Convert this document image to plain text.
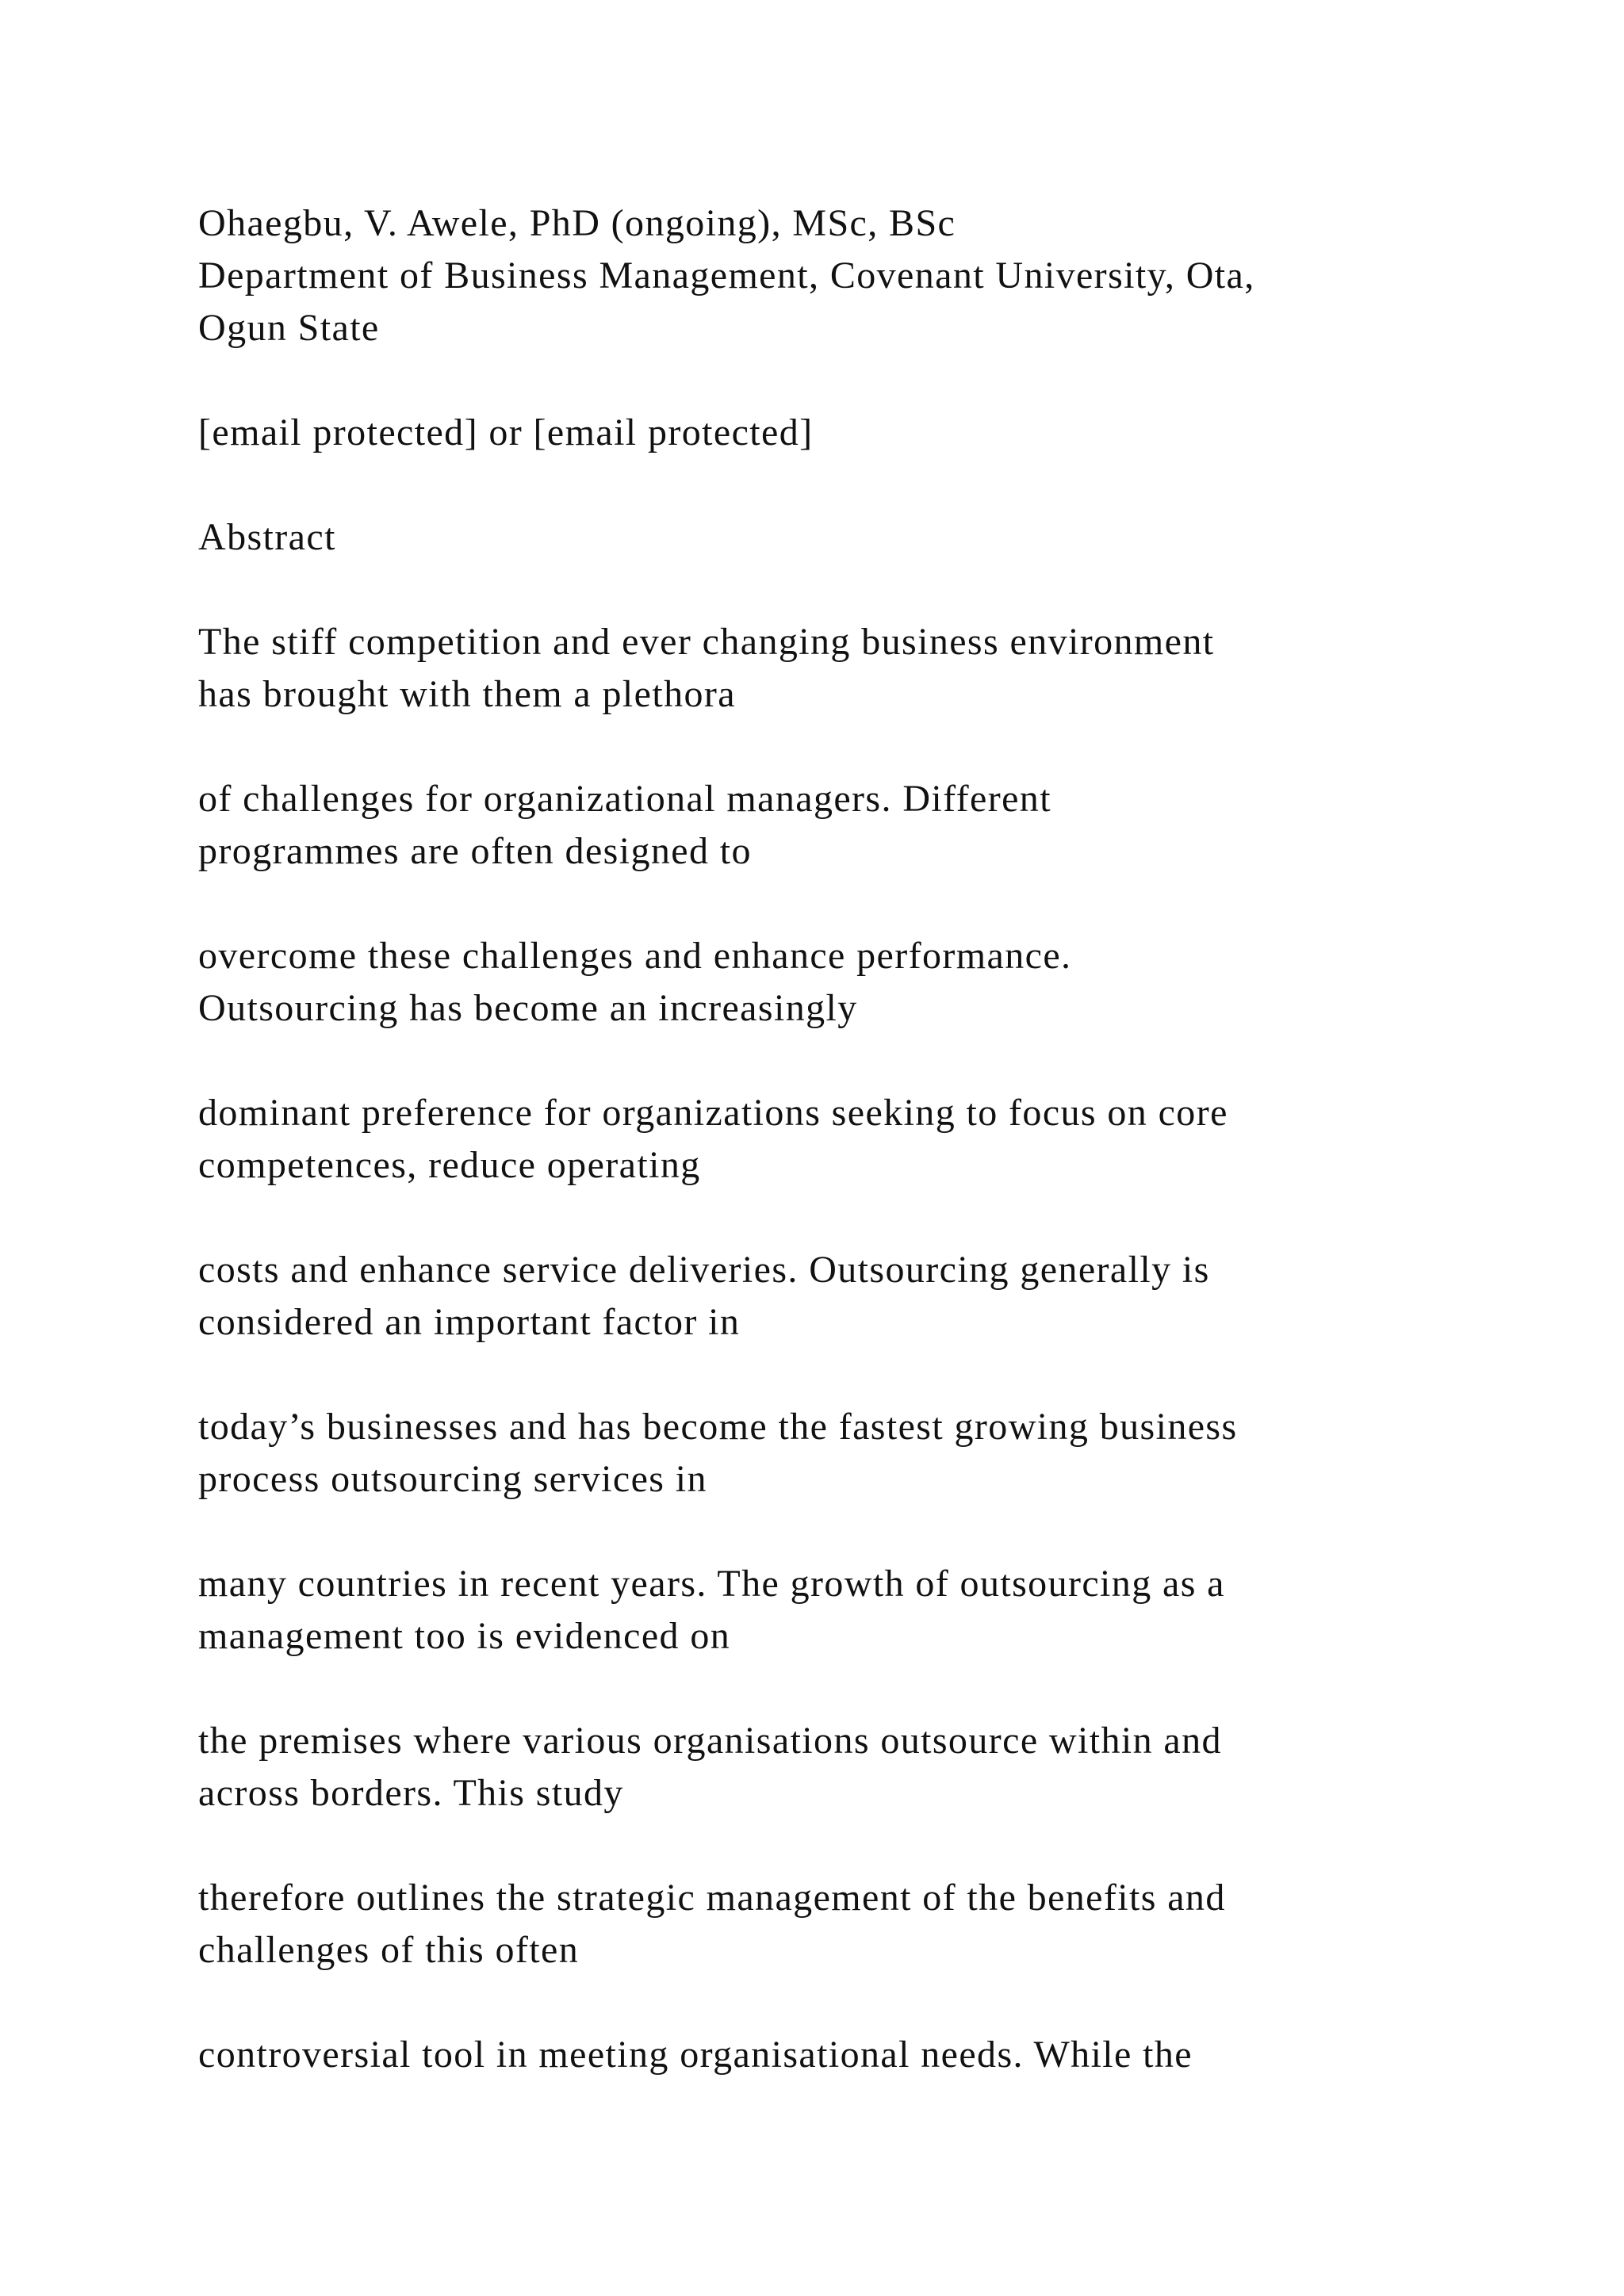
Ohaegbu, V. Awele, PhD (ongoing), MSc, BSc
Department of Business Management, Covenant University, Ota,
Ogun State
[email protected] or [email protected]
Abstract
The stiff competition and ever changing business environment
has brought with them a plethora
of challenges for organizational managers. Different
programmes are often designed to
overcome these challenges and enhance performance.
Outsourcing has become an increasingly
dominant preference for organizations seeking to focus on core
competences, reduce operating
costs and enhance service deliveries. Outsourcing generally is
considered an important factor in
today’s businesses and has become the fastest growing business
process outsourcing services in
many countries in recent years. The growth of outsourcing as a
management too is evidenced on
the premises where various organisations outsource within and
across borders. This study
therefore outlines the strategic management of the benefits and
challenges of this often
controversial tool in meeting organisational needs. While the
